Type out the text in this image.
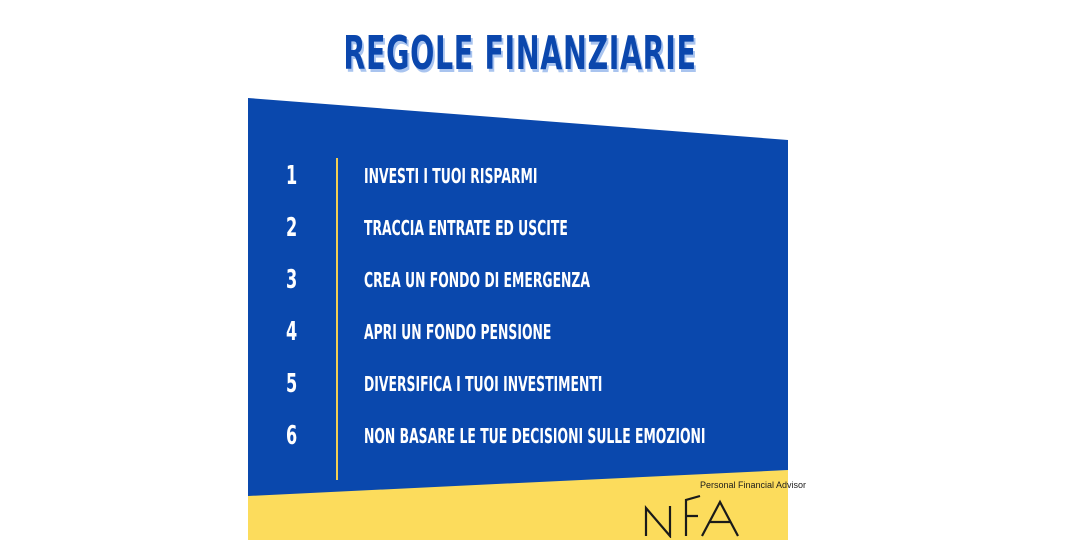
REGOLE FINANZIARIE
1	INVESTI I TUOI RISPARMI
2	TRACCIA ENTRATE ED USCITE
3	CREA UN FONDO DI EMERGENZA
4	APRI UN FONDO PENSIONE
5	DIVERSIFICA I TUOI INVESTIMENTI
6	NON BASARE LE TUE DECISIONI SULLE EMOZIONI
Personal Financial Advisor
